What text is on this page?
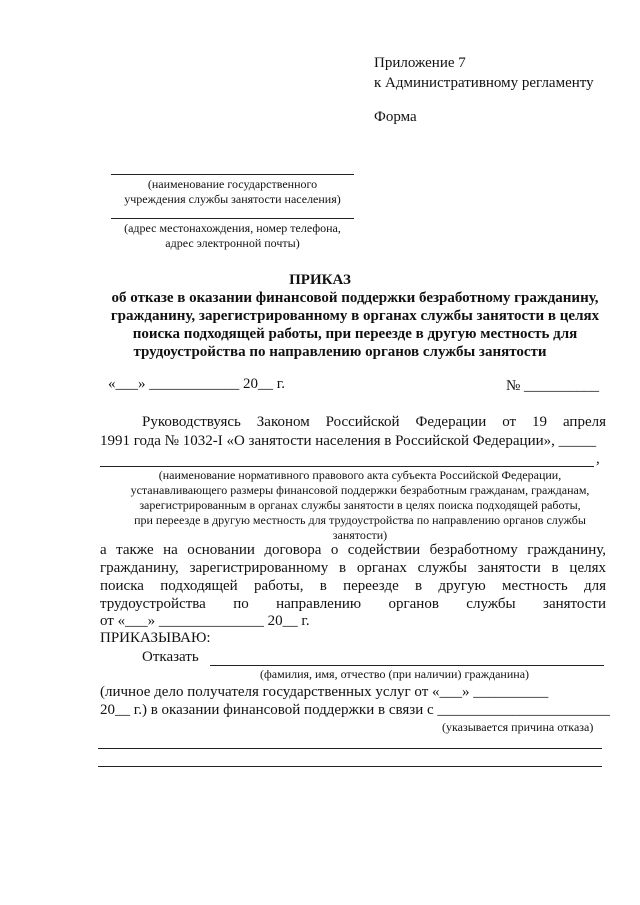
Приложение 7
к Административному регламенту
Форма
(наименование государственного
учреждения службы занятости населения)
(адрес местонахождения, номер телефона,
адрес электронной почты)
ПРИКАЗ
об отказе в оказании финансовой поддержки безработному гражданину,
гражданину, зарегистрированному в органах службы занятости в целях
поиска подходящей работы, при переезде в другую местность для
трудоустройства по направлению органов службы занятости
«___» ____________ 20__ г.	№ __________
Руководствуясь Законом Российской Федерации от 19 апреля
1991 года № 1032-I «О занятости населения в Российской Федерации», _____
,
(наименование нормативного правового акта субъекта Российской Федерации,
устанавливающего размеры финансовой поддержки безработным гражданам, гражданам,
зарегистрированным в органах службы занятости в целях поиска подходящей работы,
при переезде в другую местность для трудоустройства по направлению органов службы
занятости)
а также на основании договора о содействии безработному гражданину,
гражданину, зарегистрированному в органах службы занятости в целях
поиска подходящей работы, в переезде в другую местность для
трудоустройства по направлению органов службы занятости
от «___» ______________ 20__ г.
ПРИКАЗЫВАЮ:
Отказать
(фамилия, имя, отчество (при наличии) гражданина)
(личное дело получателя государственных услуг от «___» __________
20__ г.) в оказании финансовой поддержки в связи с _______________________
(указывается причина отказа)
